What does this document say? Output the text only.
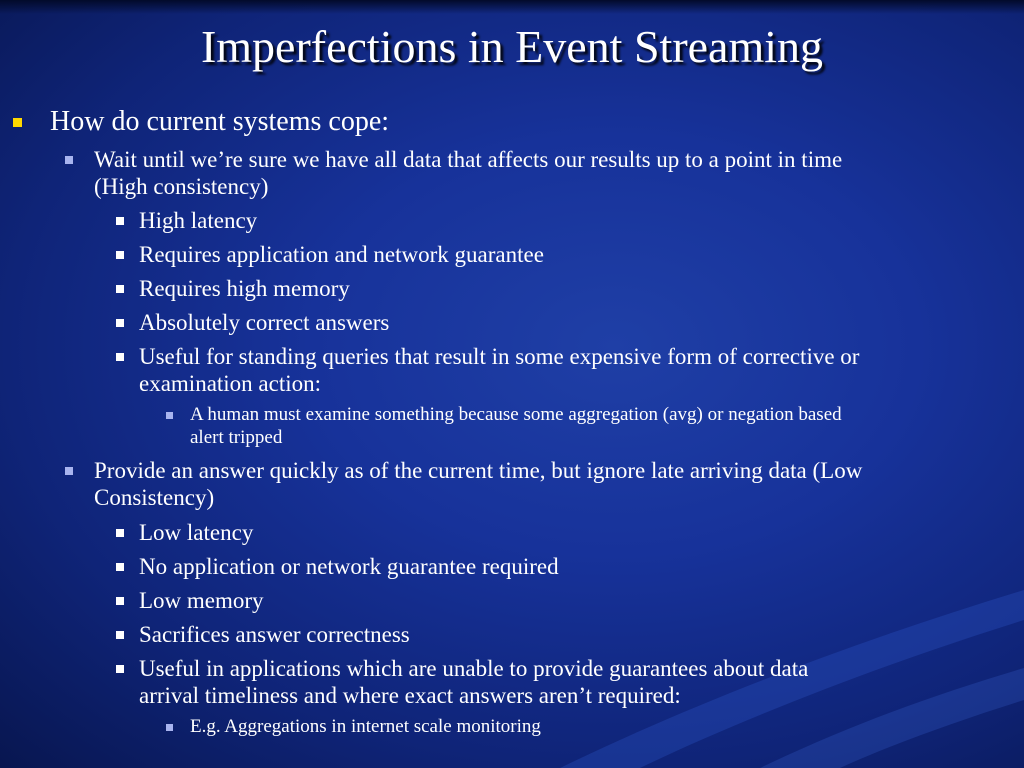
Imperfections in Event Streaming
How do current systems cope:
Wait until we’re sure we have all data that affects our results up to a point in time
(High consistency)
High latency
Requires application and network guarantee
Requires high memory
Absolutely correct answers
Useful for standing queries that result in some expensive form of corrective or
examination action:
A human must examine something because some aggregation (avg) or negation based
alert tripped
Provide an answer quickly as of the current time, but ignore late arriving data (Low
Consistency)
Low latency
No application or network guarantee required
Low memory
Sacrifices answer correctness
Useful in applications which are unable to provide guarantees about data
arrival timeliness and where exact answers aren’t required:
E.g. Aggregations in internet scale monitoring
